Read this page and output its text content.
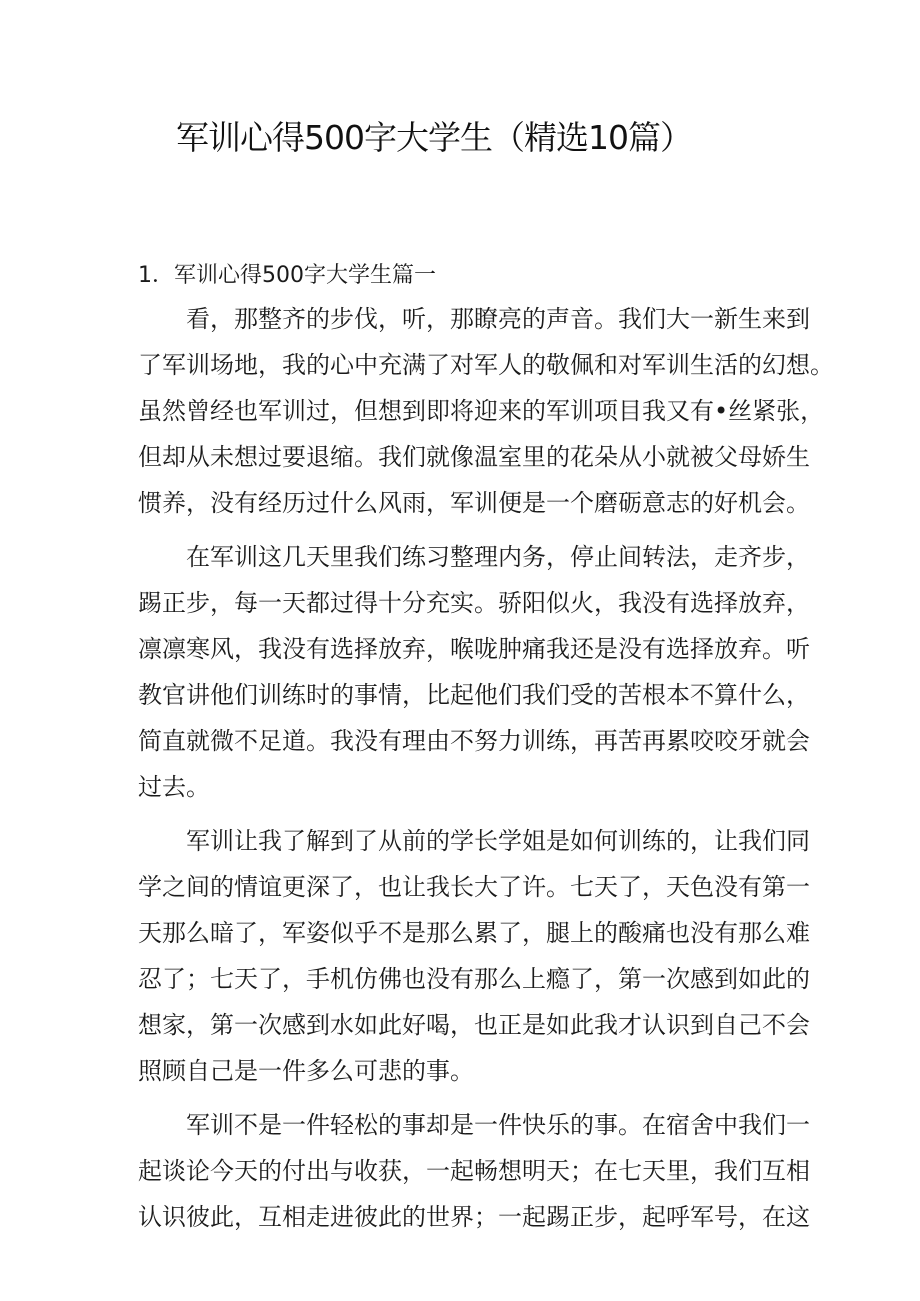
军训心得500字大学生（精选10篇）
1．军训心得500字大学生篇一
看，那整齐的步伐，听，那瞭亮的声音。我们大一新生来到
了军训场地，我的心中充满了对军人的敬佩和对军训生活的幻想。
虽然曾经也军训过，但想到即将迎来的军训项目我又有•丝紧张，
但却从未想过要退缩。我们就像温室里的花朵从小就被父母娇生
惯养，没有经历过什么风雨，军训便是一个磨砺意志的好机会。
在军训这几天里我们练习整理内务，停止间转法，走齐步，
踢正步，每一天都过得十分充实。骄阳似火，我没有选择放弃，
凛凛寒风，我没有选择放弃，喉咙肿痛我还是没有选择放弃。听
教官讲他们训练时的事情，比起他们我们受的苦根本不算什么，
简直就微不足道。我没有理由不努力训练，再苦再累咬咬牙就会
过去。
军训让我了解到了从前的学长学姐是如何训练的，让我们同
学之间的情谊更深了，也让我长大了许。七天了，天色没有第一
天那么暗了，军姿似乎不是那么累了，腿上的酸痛也没有那么难
忍了；七天了，手机仿佛也没有那么上瘾了，第一次感到如此的
想家，第一次感到水如此好喝，也正是如此我才认识到自己不会
照顾自己是一件多么可悲的事。
军训不是一件轻松的事却是一件快乐的事。在宿舍中我们一
起谈论今天的付出与收获，一起畅想明天；在七天里，我们互相
认识彼此，互相走进彼此的世界；一起踢正步，起呼军号，在这
